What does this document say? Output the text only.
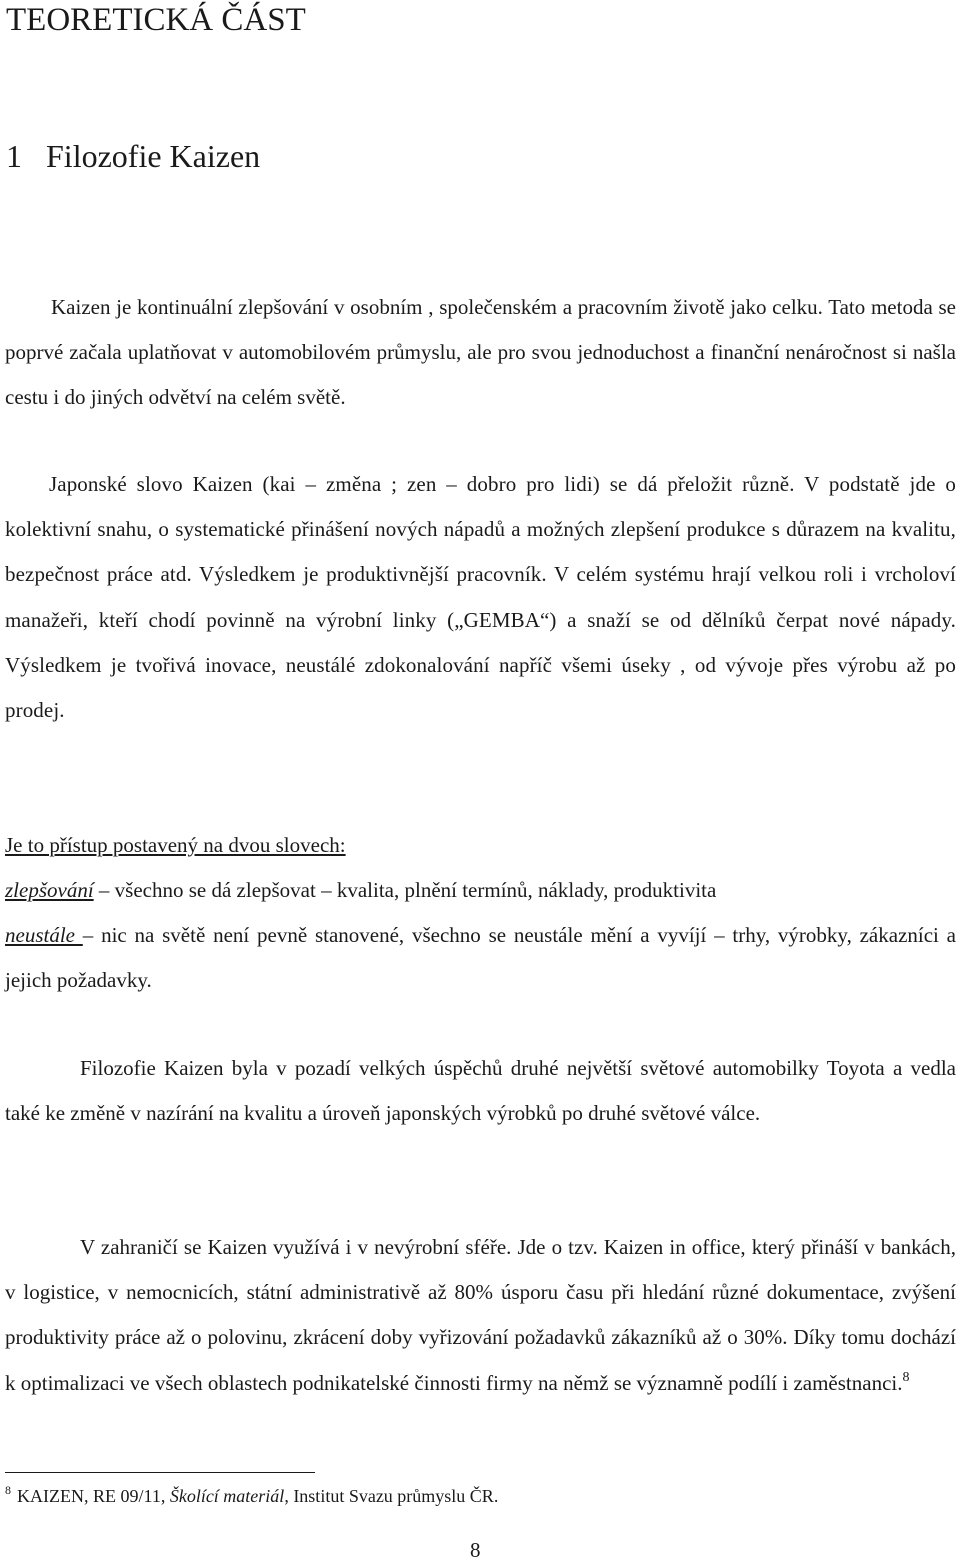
TEORETICKÁ ČÁST
1 Filozofie Kaizen

Kaizen je kontinuální zlepšování v osobním , společenském a pracovním životě jako celku. Tato metoda se poprvé začala uplatňovat v automobilovém průmyslu, ale pro svou jednoduchost a finanční nenáročnost si našla cestu i do jiných odvětví na celém světě.

Japonské slovo Kaizen (kai – změna ; zen – dobro pro lidi) se dá přeložit různě. V podstatě jde o kolektivní snahu, o systematické přinášení nových nápadů a možných zlepšení produkce s důrazem na kvalitu, bezpečnost práce atd. Výsledkem je produktivnější pracovník. V celém systému hrají velkou roli i vrcholoví manažeři, kteří chodí povinně na výrobní linky („GEMBA“) a snaží se od dělníků čerpat nové nápady. Výsledkem je tvořivá inovace, neustálé zdokonalování napříč všemi úseky , od vývoje přes výrobu až po prodej.

Je to přístup postavený na dvou slovech:
zlepšování – všechno se dá zlepšovat – kvalita, plnění termínů, náklady, produktivita
neustále – nic na světě není pevně stanovené, všechno se neustále mění a vyvíjí – trhy, výrobky, zákazníci a jejich požadavky.

Filozofie Kaizen byla v pozadí velkých úspěchů druhé největší světové automobilky Toyota a vedla také ke změně v nazírání na kvalitu a úroveň japonských výrobků po druhé světové válce.

V zahraničí se Kaizen využívá i v nevýrobní sféře. Jde o tzv. Kaizen in office, který přináší v bankách, v logistice, v nemocnicích, státní administrativě až 80% úsporu času při hledání různé dokumentace, zvýšení produktivity práce až o polovinu, zkrácení doby vyřizování požadavků zákazníků až o 30%. Díky tomu dochází k optimalizaci ve všech oblastech podnikatelské činnosti firmy na němž se významně podílí i zaměstnanci.$^8$

$^8$ KAIZEN, RE 09/11, Školící materiál, Institut Svazu průmyslu ČR.
8
